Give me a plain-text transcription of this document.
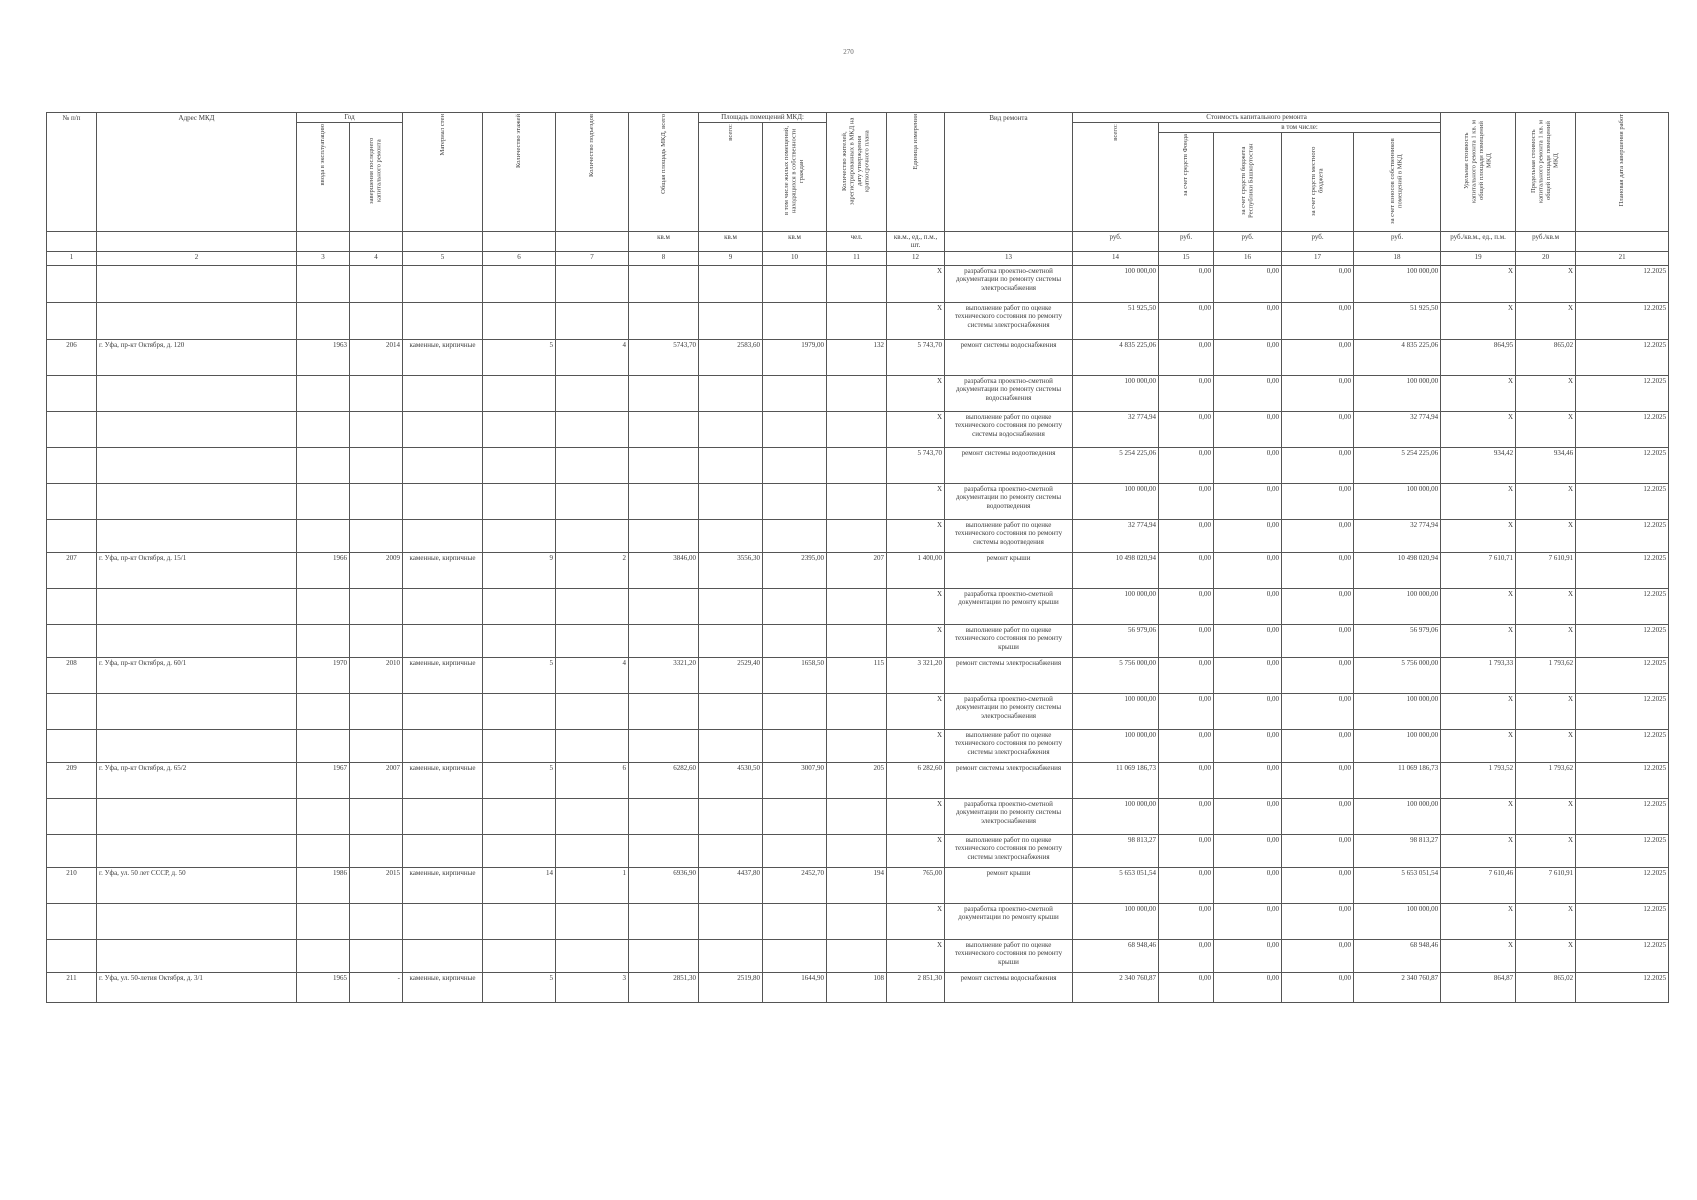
270
№ п/п	Адрес МКД	Год		Материал стен	Количество этажей	Количество подъездов	Общая площадь МКД, всего	Площадь помещений МКД:		Количество жителей, зарегистрированных в МКД на дату утверждения краткосрочного плана	Единица измерения	Вид ремонта	Стоимость капитального ремонта					Удельная стоимость капитального ремонта 1 кв. м общей площади помещений МКД	Предельная стоимость капитального ремонта 1 кв. м общей площади помещений МКД	Плановая дата завершения работ

		ввода в эксплуатацию	завершения последнего капитального ремонта					всего:	в том числе жилых помещений, находящихся в собственности граждан				всего:	в том числе:						

														за счет средств Фонда	за счет средств бюджета Республики Башкортостан	за счет средств местного бюджета	за счет взносов собственников помещений в МКД			

							кв.м	кв.м	кв.м	чел.	кв.м., ед., п.м., шт.		руб.	руб.	руб.	руб.	руб.	руб./кв.м., ед., п.м.	руб./кв.м	
1	2	3	4	5	6	7	8	9	10	11	12	13	14	15	16	17	18	19	20	21
											X	разработка проектно-сметной документации по ремонту системы электроснабжения	100 000,00	0,00	0,00	0,00	100 000,00	X	X	12.2025
											X	выполнение работ по оценке технического состояния по ремонту системы электроснабжения	51 925,50	0,00	0,00	0,00	51 925,50	X	X	12.2025
206	г. Уфа, пр-кт Октября, д. 120	1963	2014	каменные, кирпичные	5	4	5743,70	2583,60	1979,00	132	5 743,70	ремонт системы водоснабжения	4 835 225,06	0,00	0,00	0,00	4 835 225,06	864,95	865,02	12.2025
											X	разработка проектно-сметной документации по ремонту системы водоснабжения	100 000,00	0,00	0,00	0,00	100 000,00	X	X	12.2025
											X	выполнение работ по оценке технического состояния по ремонту системы водоснабжения	32 774,94	0,00	0,00	0,00	32 774,94	X	X	12.2025
											5 743,70	ремонт системы водоотведения	5 254 225,06	0,00	0,00	0,00	5 254 225,06	934,42	934,46	12.2025
											X	разработка проектно-сметной документации по ремонту системы водоотведения	100 000,00	0,00	0,00	0,00	100 000,00	X	X	12.2025
											X	выполнение работ по оценке технического состояния по ремонту системы водоотведения	32 774,94	0,00	0,00	0,00	32 774,94	X	X	12.2025
207	г. Уфа, пр-кт Октября, д. 15/1	1966	2009	каменные, кирпичные	9	2	3846,00	3556,30	2395,00	207	1 400,00	ремонт крыши	10 498 020,94	0,00	0,00	0,00	10 498 020,94	7 610,71	7 610,91	12.2025
											X	разработка проектно-сметной документации по ремонту крыши	100 000,00	0,00	0,00	0,00	100 000,00	X	X	12.2025
											X	выполнение работ по оценке технического состояния по ремонту крыши	56 979,06	0,00	0,00	0,00	56 979,06	X	X	12.2025
208	г. Уфа, пр-кт Октября, д. 60/1	1970	2010	каменные, кирпичные	5	4	3321,20	2529,40	1658,50	115	3 321,20	ремонт системы электроснабжения	5 756 000,00	0,00	0,00	0,00	5 756 000,00	1 793,33	1 793,62	12.2025
											X	разработка проектно-сметной документации по ремонту системы электроснабжения	100 000,00	0,00	0,00	0,00	100 000,00	X	X	12.2025
											X	выполнение работ по оценке технического состояния по ремонту системы электроснабжения	100 000,00	0,00	0,00	0,00	100 000,00	X	X	12.2025
209	г. Уфа, пр-кт Октября, д. 65/2	1967	2007	каменные, кирпичные	5	6	6282,60	4530,50	3007,90	205	6 282,60	ремонт системы электроснабжения	11 069 186,73	0,00	0,00	0,00	11 069 186,73	1 793,52	1 793,62	12.2025
											X	разработка проектно-сметной документации по ремонту системы электроснабжения	100 000,00	0,00	0,00	0,00	100 000,00	X	X	12.2025
											X	выполнение работ по оценке технического состояния по ремонту системы электроснабжения	98 813,27	0,00	0,00	0,00	98 813,27	X	X	12.2025
210	г. Уфа, ул. 50 лет СССР, д. 50	1986	2015	каменные, кирпичные	14	1	6936,90	4437,80	2452,70	194	765,00	ремонт крыши	5 653 051,54	0,00	0,00	0,00	5 653 051,54	7 610,46	7 610,91	12.2025
											X	разработка проектно-сметной документации по ремонту крыши	100 000,00	0,00	0,00	0,00	100 000,00	X	X	12.2025
											X	выполнение работ по оценке технического состояния по ремонту крыши	68 948,46	0,00	0,00	0,00	68 948,46	X	X	12.2025
211	г. Уфа, ул. 50-летия Октября, д. 3/1	1965	-	каменные, кирпичные	5	3	2851,30	2519,80	1644,90	108	2 851,30	ремонт системы водоснабжения	2 340 760,87	0,00	0,00	0,00	2 340 760,87	864,87	865,02	12.2025
